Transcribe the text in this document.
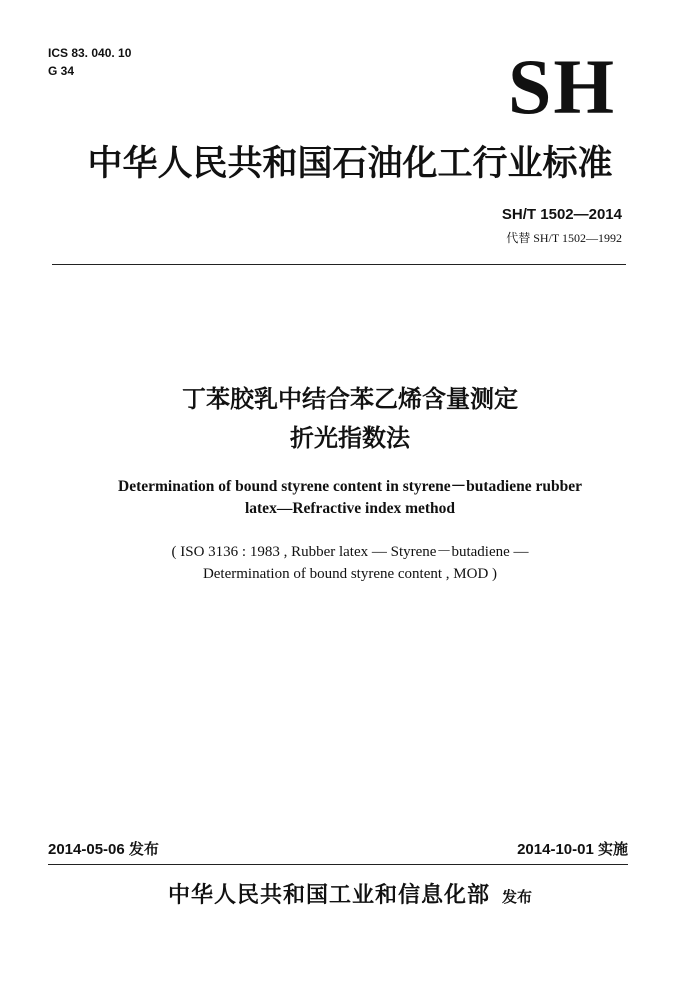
ICS 83. 040. 10
G 34	SH
中华人民共和国石油化工行业标准
SH/T 1502—2014
代替 SH/T 1502—1992
丁苯胶乳中结合苯乙烯含量测定
折光指数法
Determination of bound styrene content in styrene－butadiene rubber
latex—Refractive index method
( ISO 3136 : 1983 , Rubber latex — Styrene－butadiene —
Determination of bound styrene content , MOD )
2014-05-06 发布	2014-10-01 实施
中华人民共和国工业和信息化部 发布
